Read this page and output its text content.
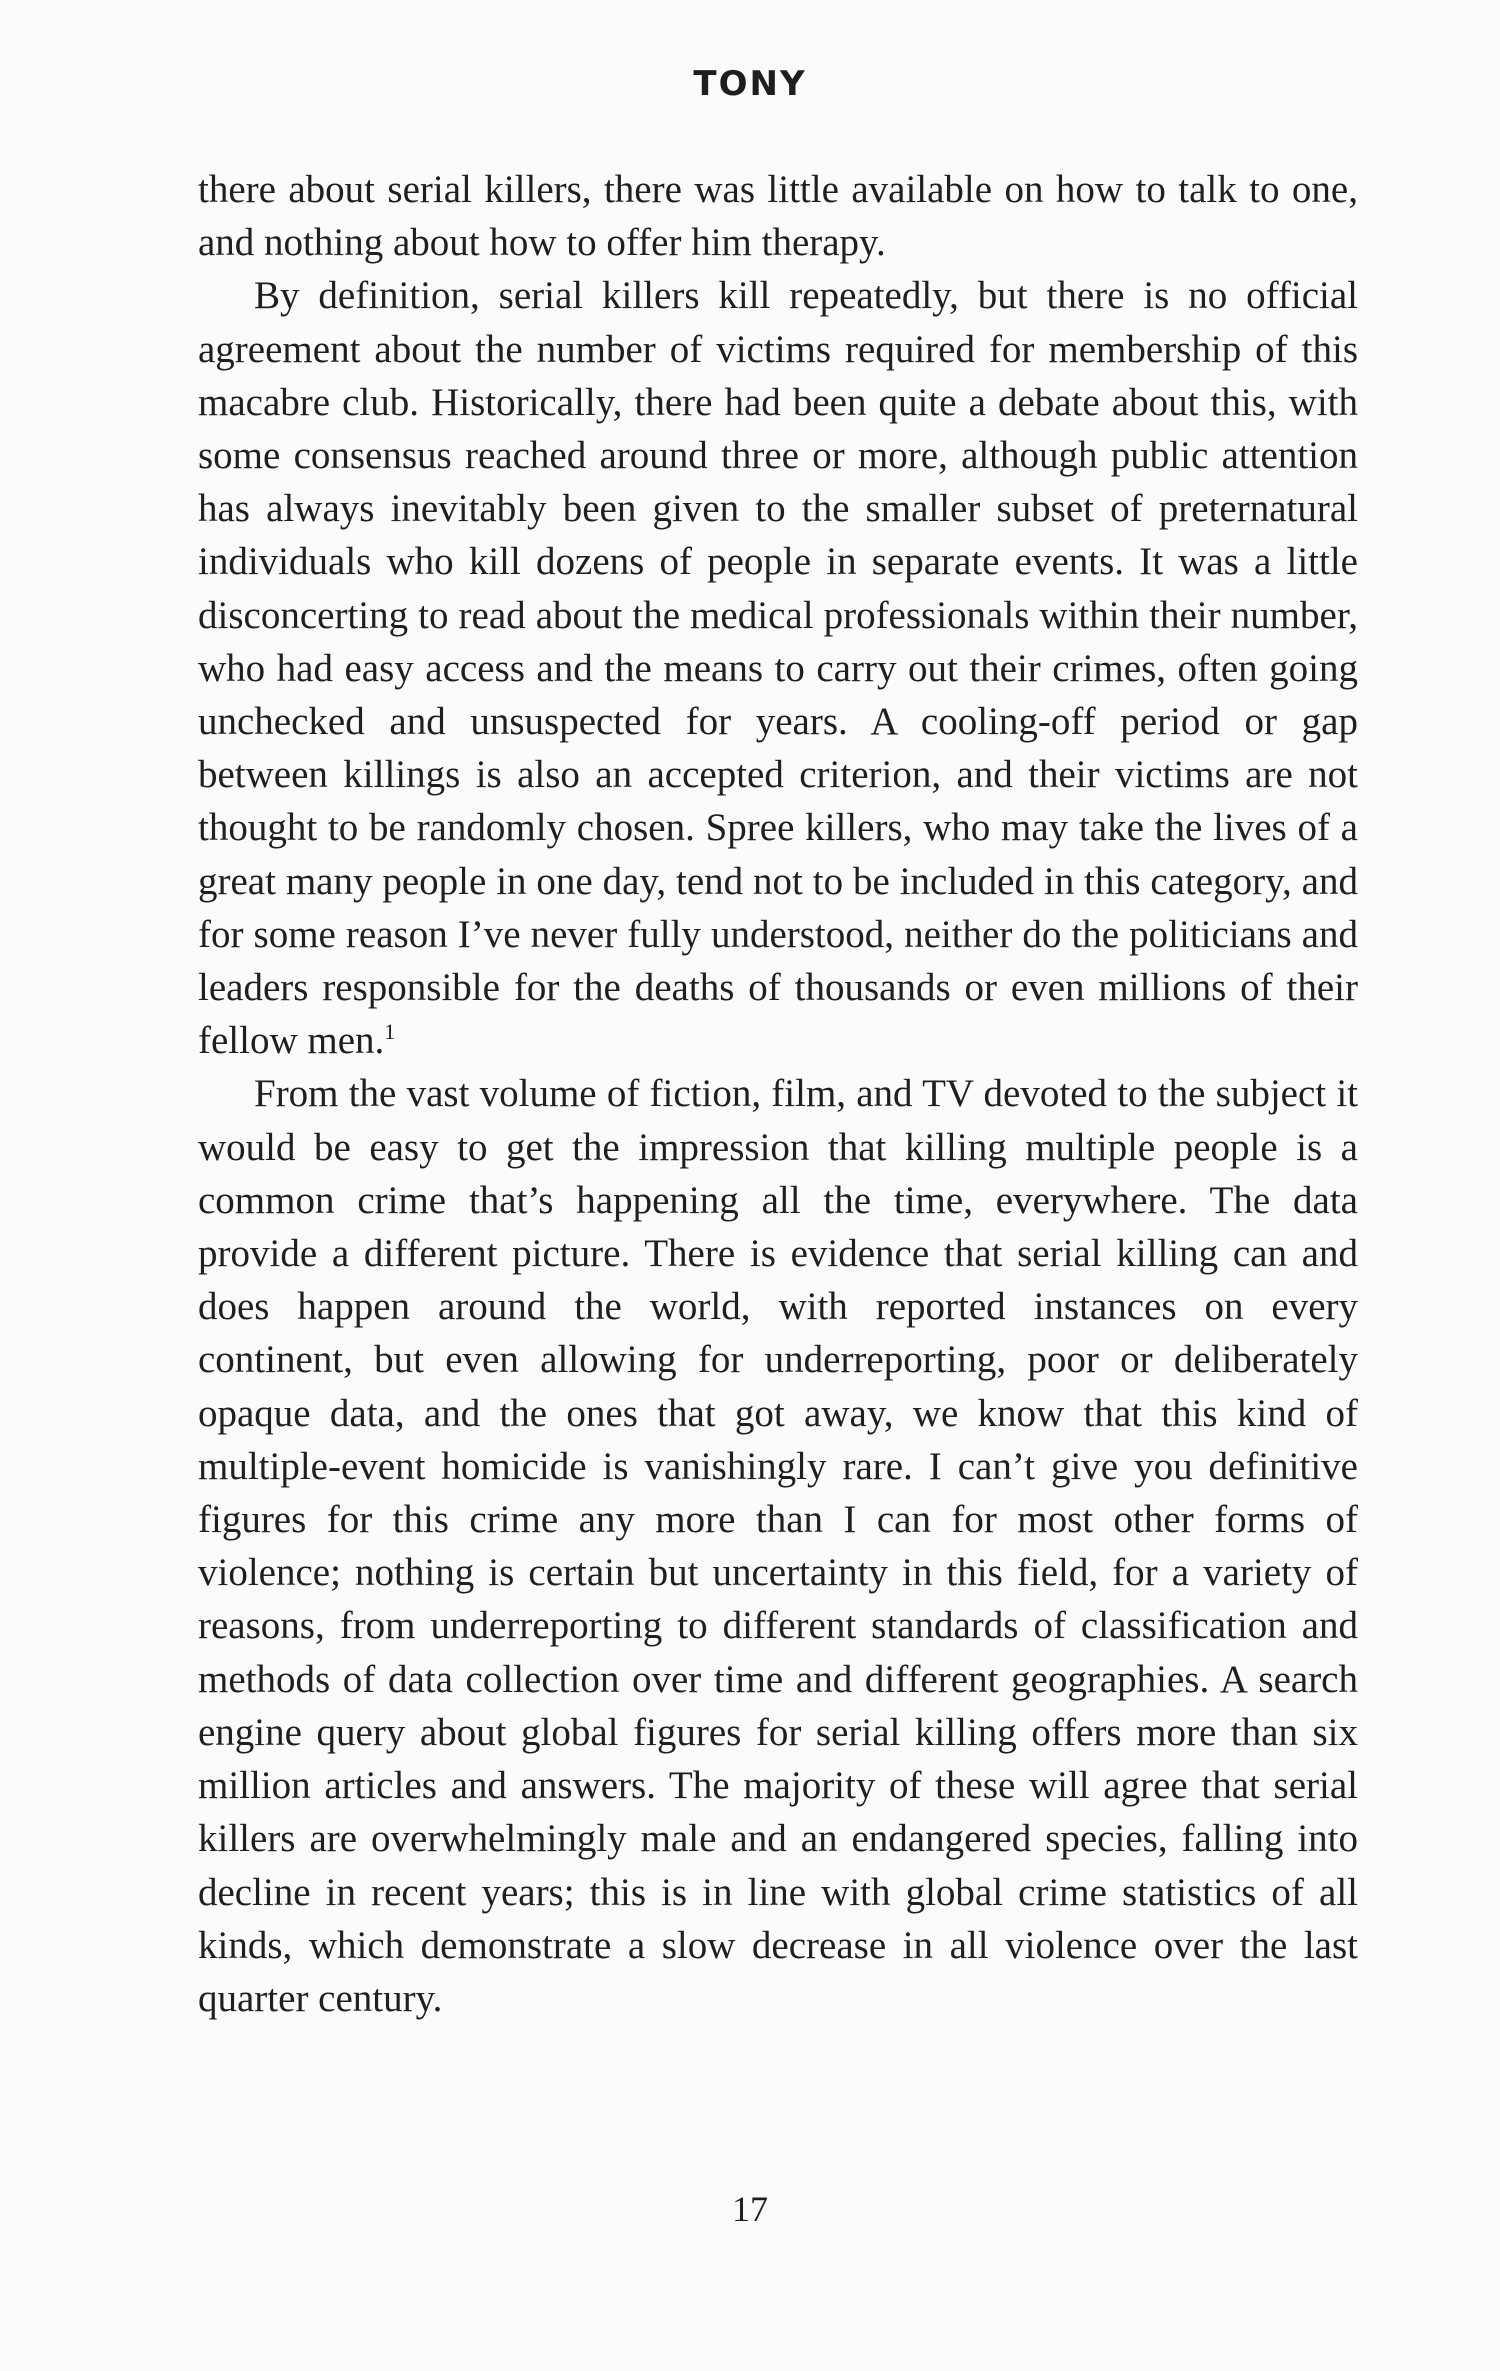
TONY

there about serial killers, there was little available on how to talk to one, and nothing about how to offer him therapy.

By definition, serial killers kill repeatedly, but there is no official agreement about the number of victims required for membership of this macabre club. Historically, there had been quite a debate about this, with some consensus reached around three or more, although public attention has always inevitably been given to the smaller subset of preternatural individuals who kill dozens of people in separate events. It was a little disconcerting to read about the medical professionals within their number, who had easy access and the means to carry out their crimes, often going unchecked and unsuspected for years. A cooling-off period or gap between killings is also an accepted criterion, and their victims are not thought to be randomly chosen. Spree killers, who may take the lives of a great many people in one day, tend not to be included in this category, and for some reason I’ve never fully understood, neither do the politicians and leaders responsible for the deaths of thousands or even millions of their fellow men.$^1$

From the vast volume of fiction, film, and TV devoted to the subject it would be easy to get the impression that killing multiple people is a common crime that’s happening all the time, everywhere. The data provide a different picture. There is evidence that serial killing can and does happen around the world, with reported instances on every continent, but even allowing for underreporting, poor or deliberately opaque data, and the ones that got away, we know that this kind of multiple-event homicide is vanishingly rare. I can’t give you definitive figures for this crime any more than I can for most other forms of violence; nothing is certain but uncertainty in this field, for a variety of reasons, from underreporting to different standards of classification and methods of data collection over time and different geographies. A search engine query about global figures for serial killing offers more than six million articles and answers. The majority of these will agree that serial killers are overwhelmingly male and an endangered species, falling into decline in recent years; this is in line with global crime statistics of all kinds, which demonstrate a slow decrease in all violence over the last quarter century.

17
